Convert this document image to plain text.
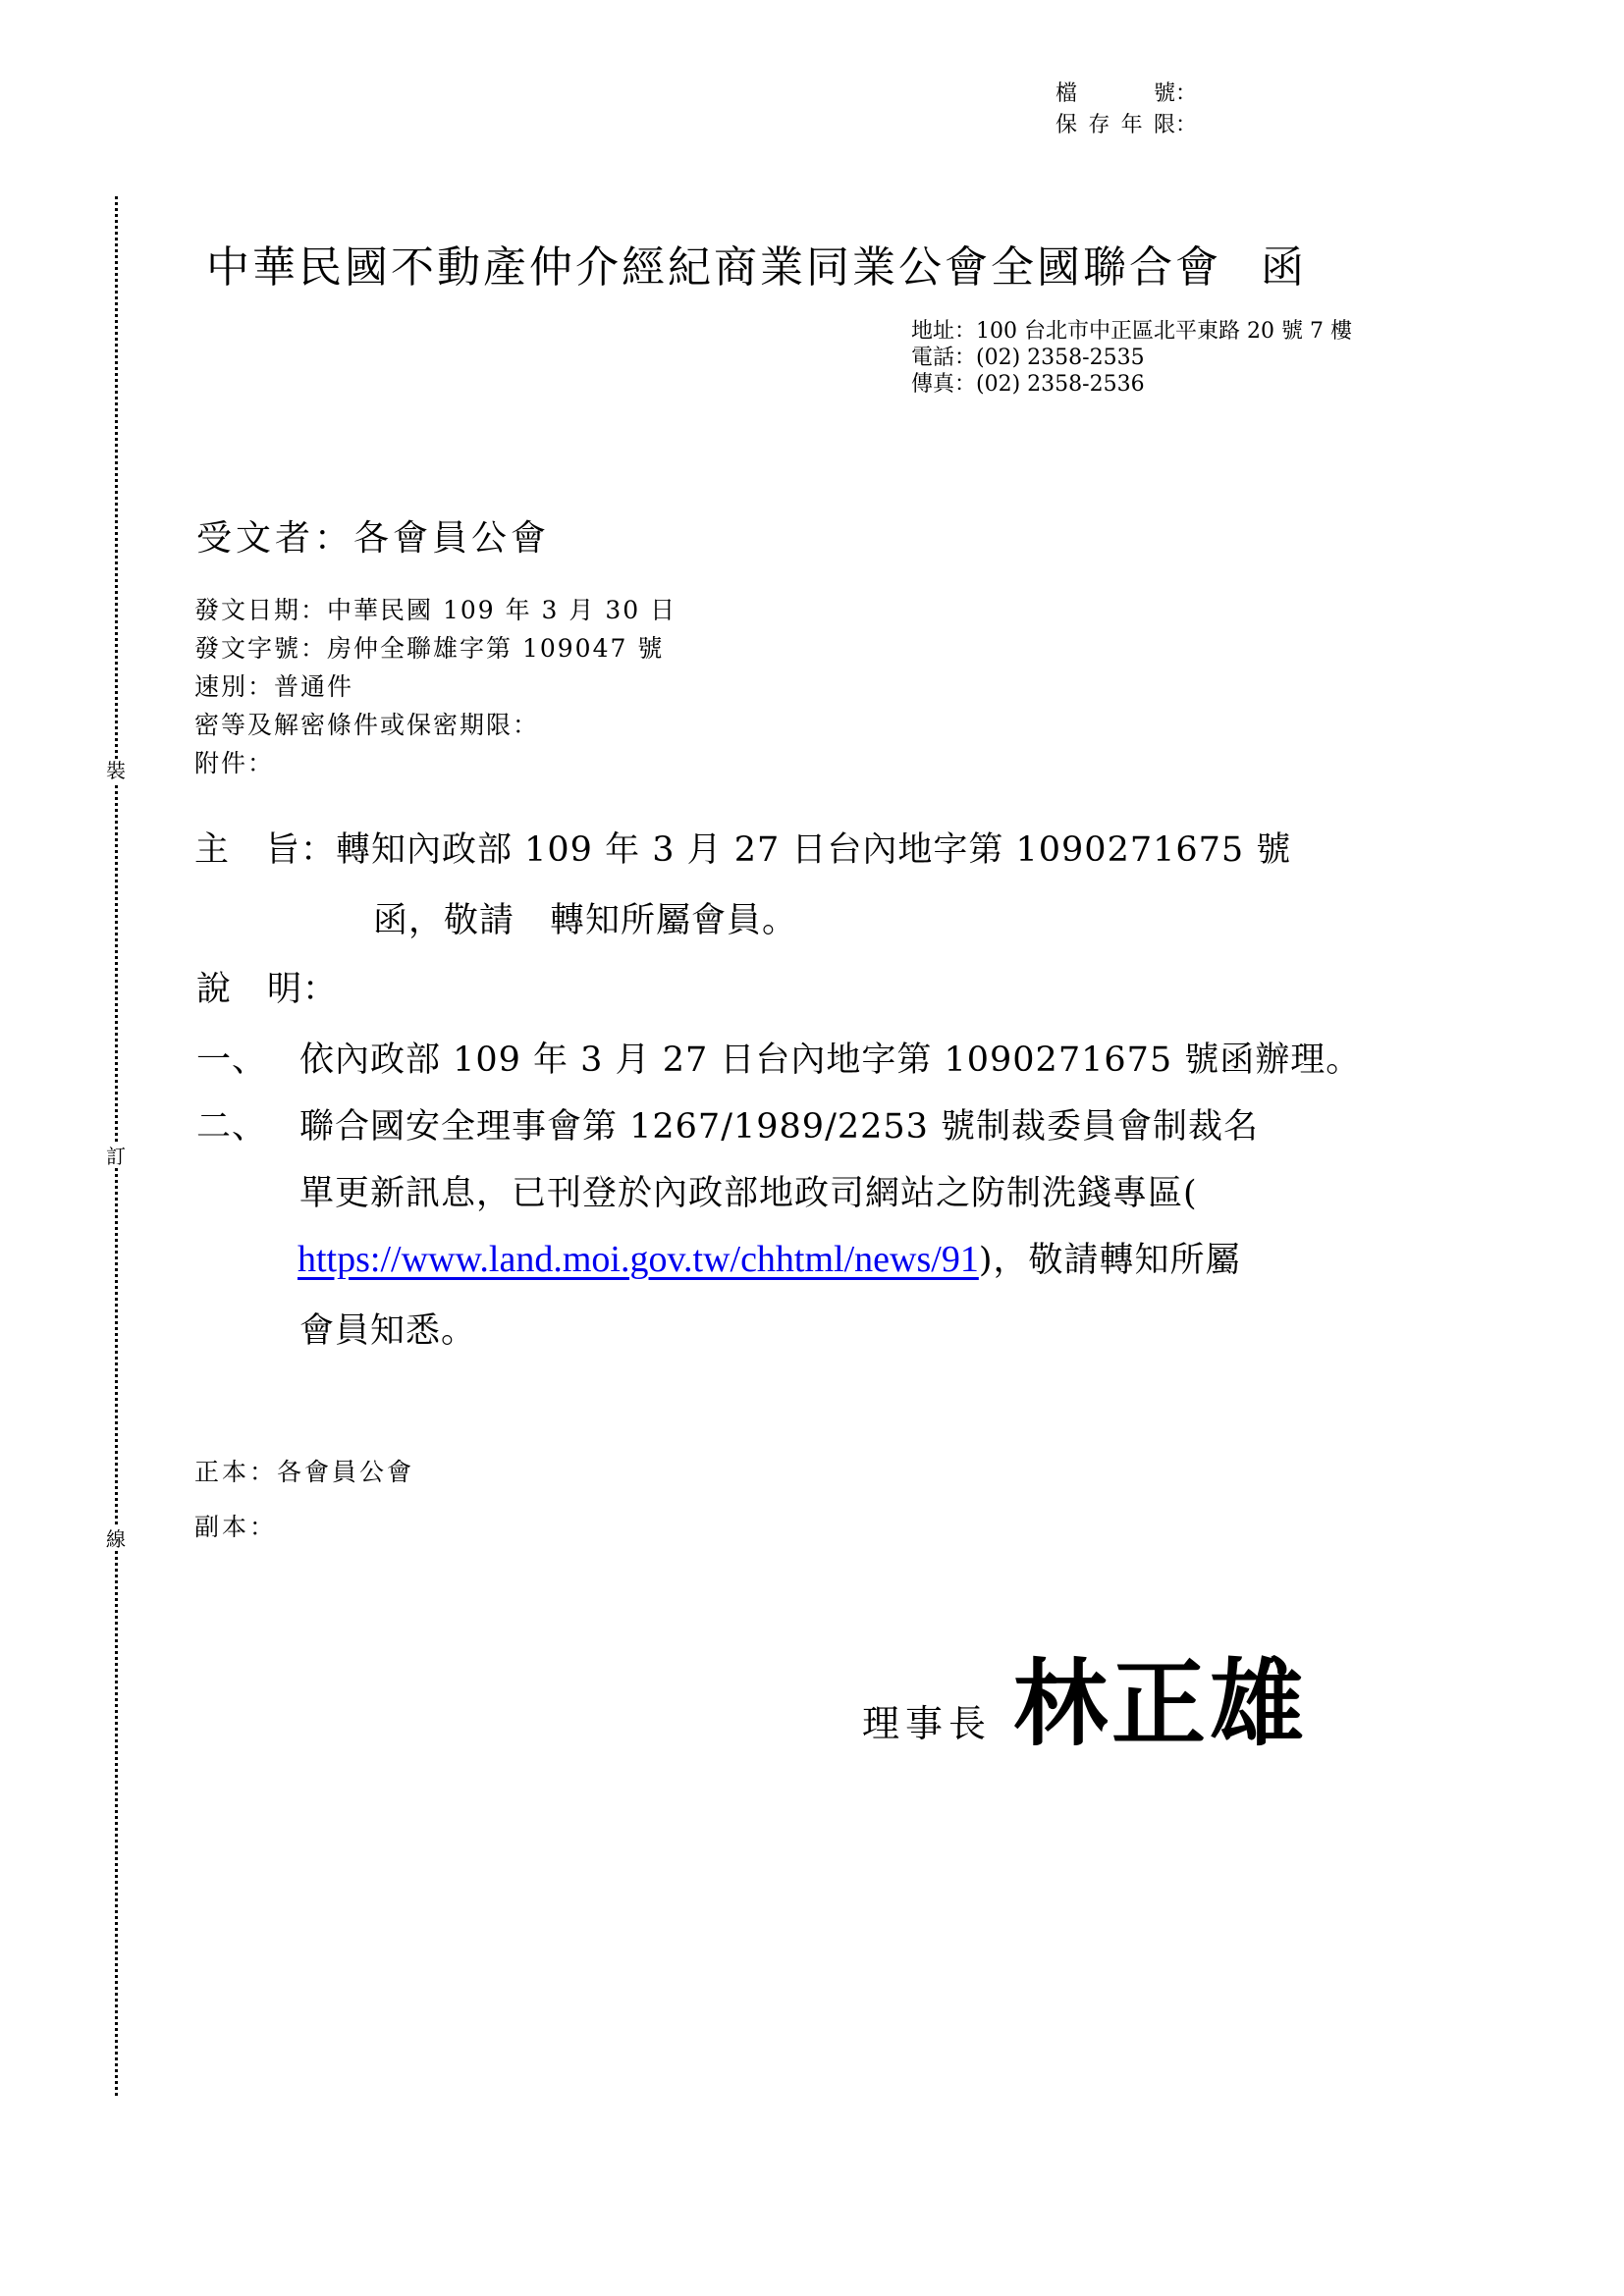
檔號 ：
保存年限 ：
裝
訂
線
中華民國不動產仲介經紀商業同業公會全國聯合會 函
地址：100 台北市中正區北平東路 20 號 7 樓
電話：(02) 2358-2535
傳真：(02) 2358-2536
受文者：各會員公會
發文日期：中華民國 109 年 3 月 30 日
發文字號：房仲全聯雄字第 109047 號
速別：普通件
密等及解密條件或保密期限：
附件：
主　旨：轉知內政部 109 年 3 月 27 日台內地字第 1090271675 號
函，敬請　轉知所屬會員。
說　明：
一、 依內政部 109 年 3 月 27 日台內地字第 1090271675 號函辦理。
二、 聯合國安全理事會第 1267/1989/2253 號制裁委員會制裁名
單更新訊息，已刊登於內政部地政司網站之防制洗錢專區(
https://www.land.moi.gov.tw/chhtml/news/91)，敬請轉知所屬
會員知悉。
正本：各會員公會
副本：
理事長 林正雄
